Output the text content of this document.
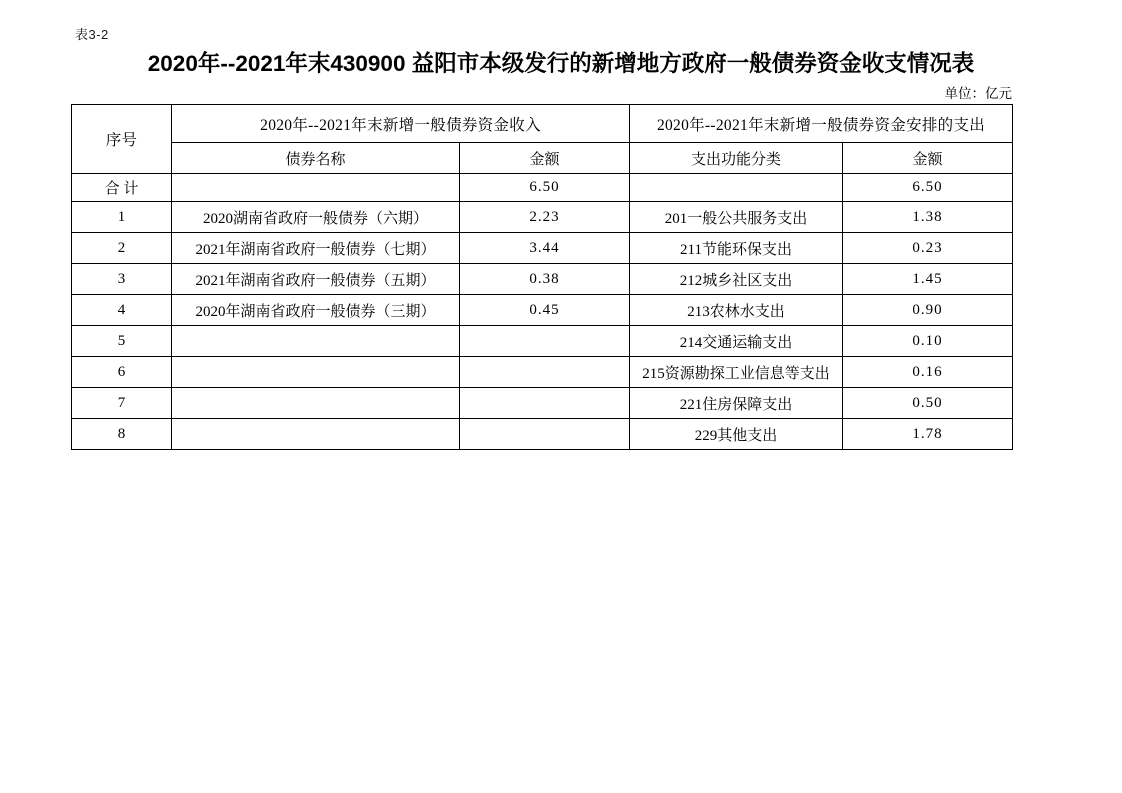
表3-2
2020年--2021年末430900 益阳市本级发行的新增地方政府一般债券资金收支情况表
单位：亿元
序号	2020年--2021年末新增一般债券资金收入		2020年--2021年末新增一般债券资金安排的支出	
	债券名称	金额	支出功能分类	金额
合 计		6.50		6.50
1	2020湖南省政府一般债券（六期）	2.23	201一般公共服务支出	1.38
2	2021年湖南省政府一般债券（七期）	3.44	211节能环保支出	0.23
3	2021年湖南省政府一般债券（五期）	0.38	212城乡社区支出	1.45
4	2020年湖南省政府一般债券（三期）	0.45	213农林水支出	0.90
5			214交通运输支出	0.10
6			215资源勘探工业信息等支出	0.16
7			221住房保障支出	0.50
8			229其他支出	1.78
